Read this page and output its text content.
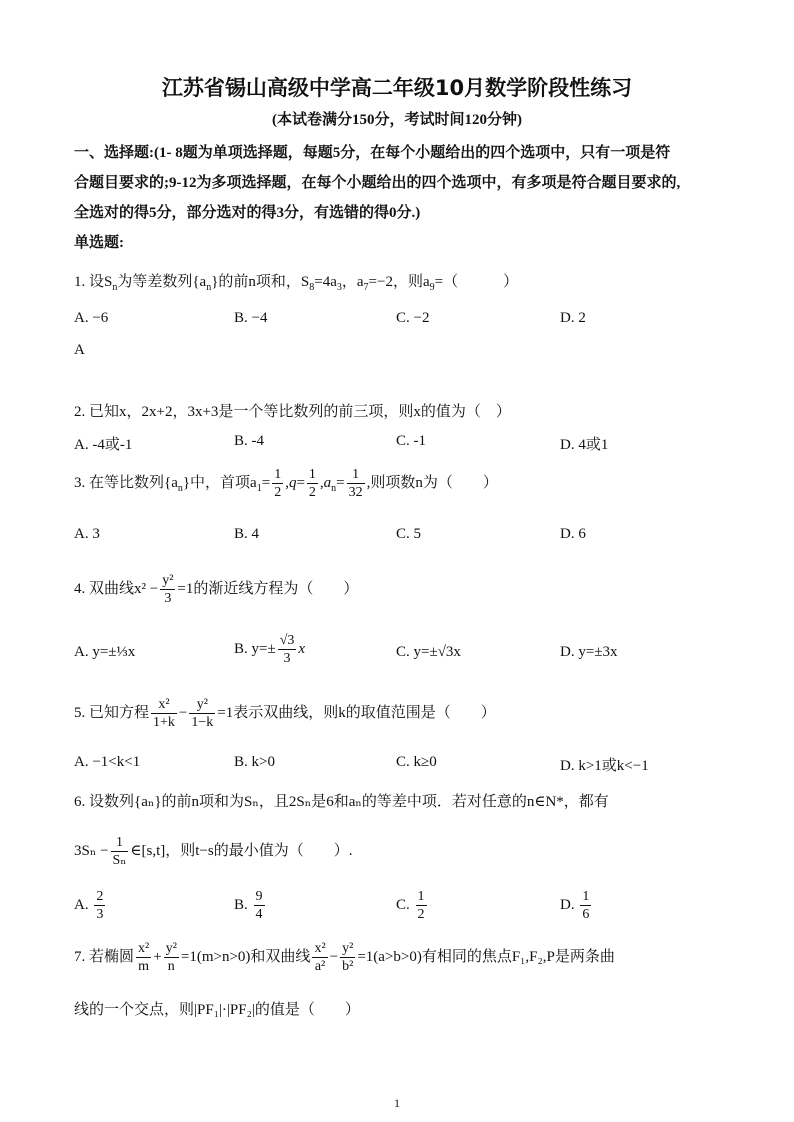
江苏省锡山高级中学高二年级10月数学阶段性练习
(本试卷满分150分，考试时间120分钟)
一、选择题:(1- 8题为单项选择题，每题5分，在每个小题给出的四个选项中，只有一项是符
合题目要求的;9-12为多项选择题，在每个小题给出的四个选项中，有多项是符合题目要求的,
全选对的得5分，部分选对的得3分，有选错的得0分.)
单选题:
1. 设$S_n$为等差数列$\{a_n\}$的前n项和，$S_8=4a_3$，$a_7=-2$，则$a_9=$（　　　）
A. −6	B. −4	C. −2	D. 2
A
2. 已知x，2x+2，3x+3是一个等比数列的前三项，则x的值为（　）
A. -4或-1	B. -4	C. -1	D. 4或1
3. 在等比数列$\{a_n\}$中，首项$a_1= \frac{1}{2} ,q= \frac{1}{2} ,a_n= \frac{1}{32}$ ,则项数n为（　　）
A. 3	B. 4	C. 5	D. 6
4. 双曲线$x^2 - \frac{\text{y²}}{3} =1$的渐近线方程为（　　）
A. y=±⅓x	B. $y=\pm \frac{√3}{3}$ x	C. y=±√3x	D. y=±3x
5. 已知方程 $\frac{\text{x²}}{1+k} - \frac{\text{y²}}{1-k} =1$表示双曲线，则k的取值范围是（　　）
A. −1<k<1	B. k>0	C. k≥0	D. k>1或k<−1
6. 设数列{aₙ}的前n项和为Sₙ，且2Sₙ是6和aₙ的等差中项．若对任意的n∈N*，都有
$3S_n - \frac{1}{\text{Sₙ}}$ ∈[s,t]，则t−s的最小值为（　　）.
A. $\frac{2}{3}$	B. $\frac{9}{4}$	C. $\frac{1}{2}$	D. $\frac{1}{6}$
7. 若椭圆 $\frac{\text{x²}}{m} + \frac{\text{y²}}{n} =1(m>n>0)$和双曲线 $\frac{\text{x²}}{\text{a²}} - \frac{\text{y²}}{\text{b²}} =1(a>b>0)$有相同的焦点F₁,F₂,P是两条曲
线的一个交点，则|PF₁|·|PF₂|的值是（　　）
1
